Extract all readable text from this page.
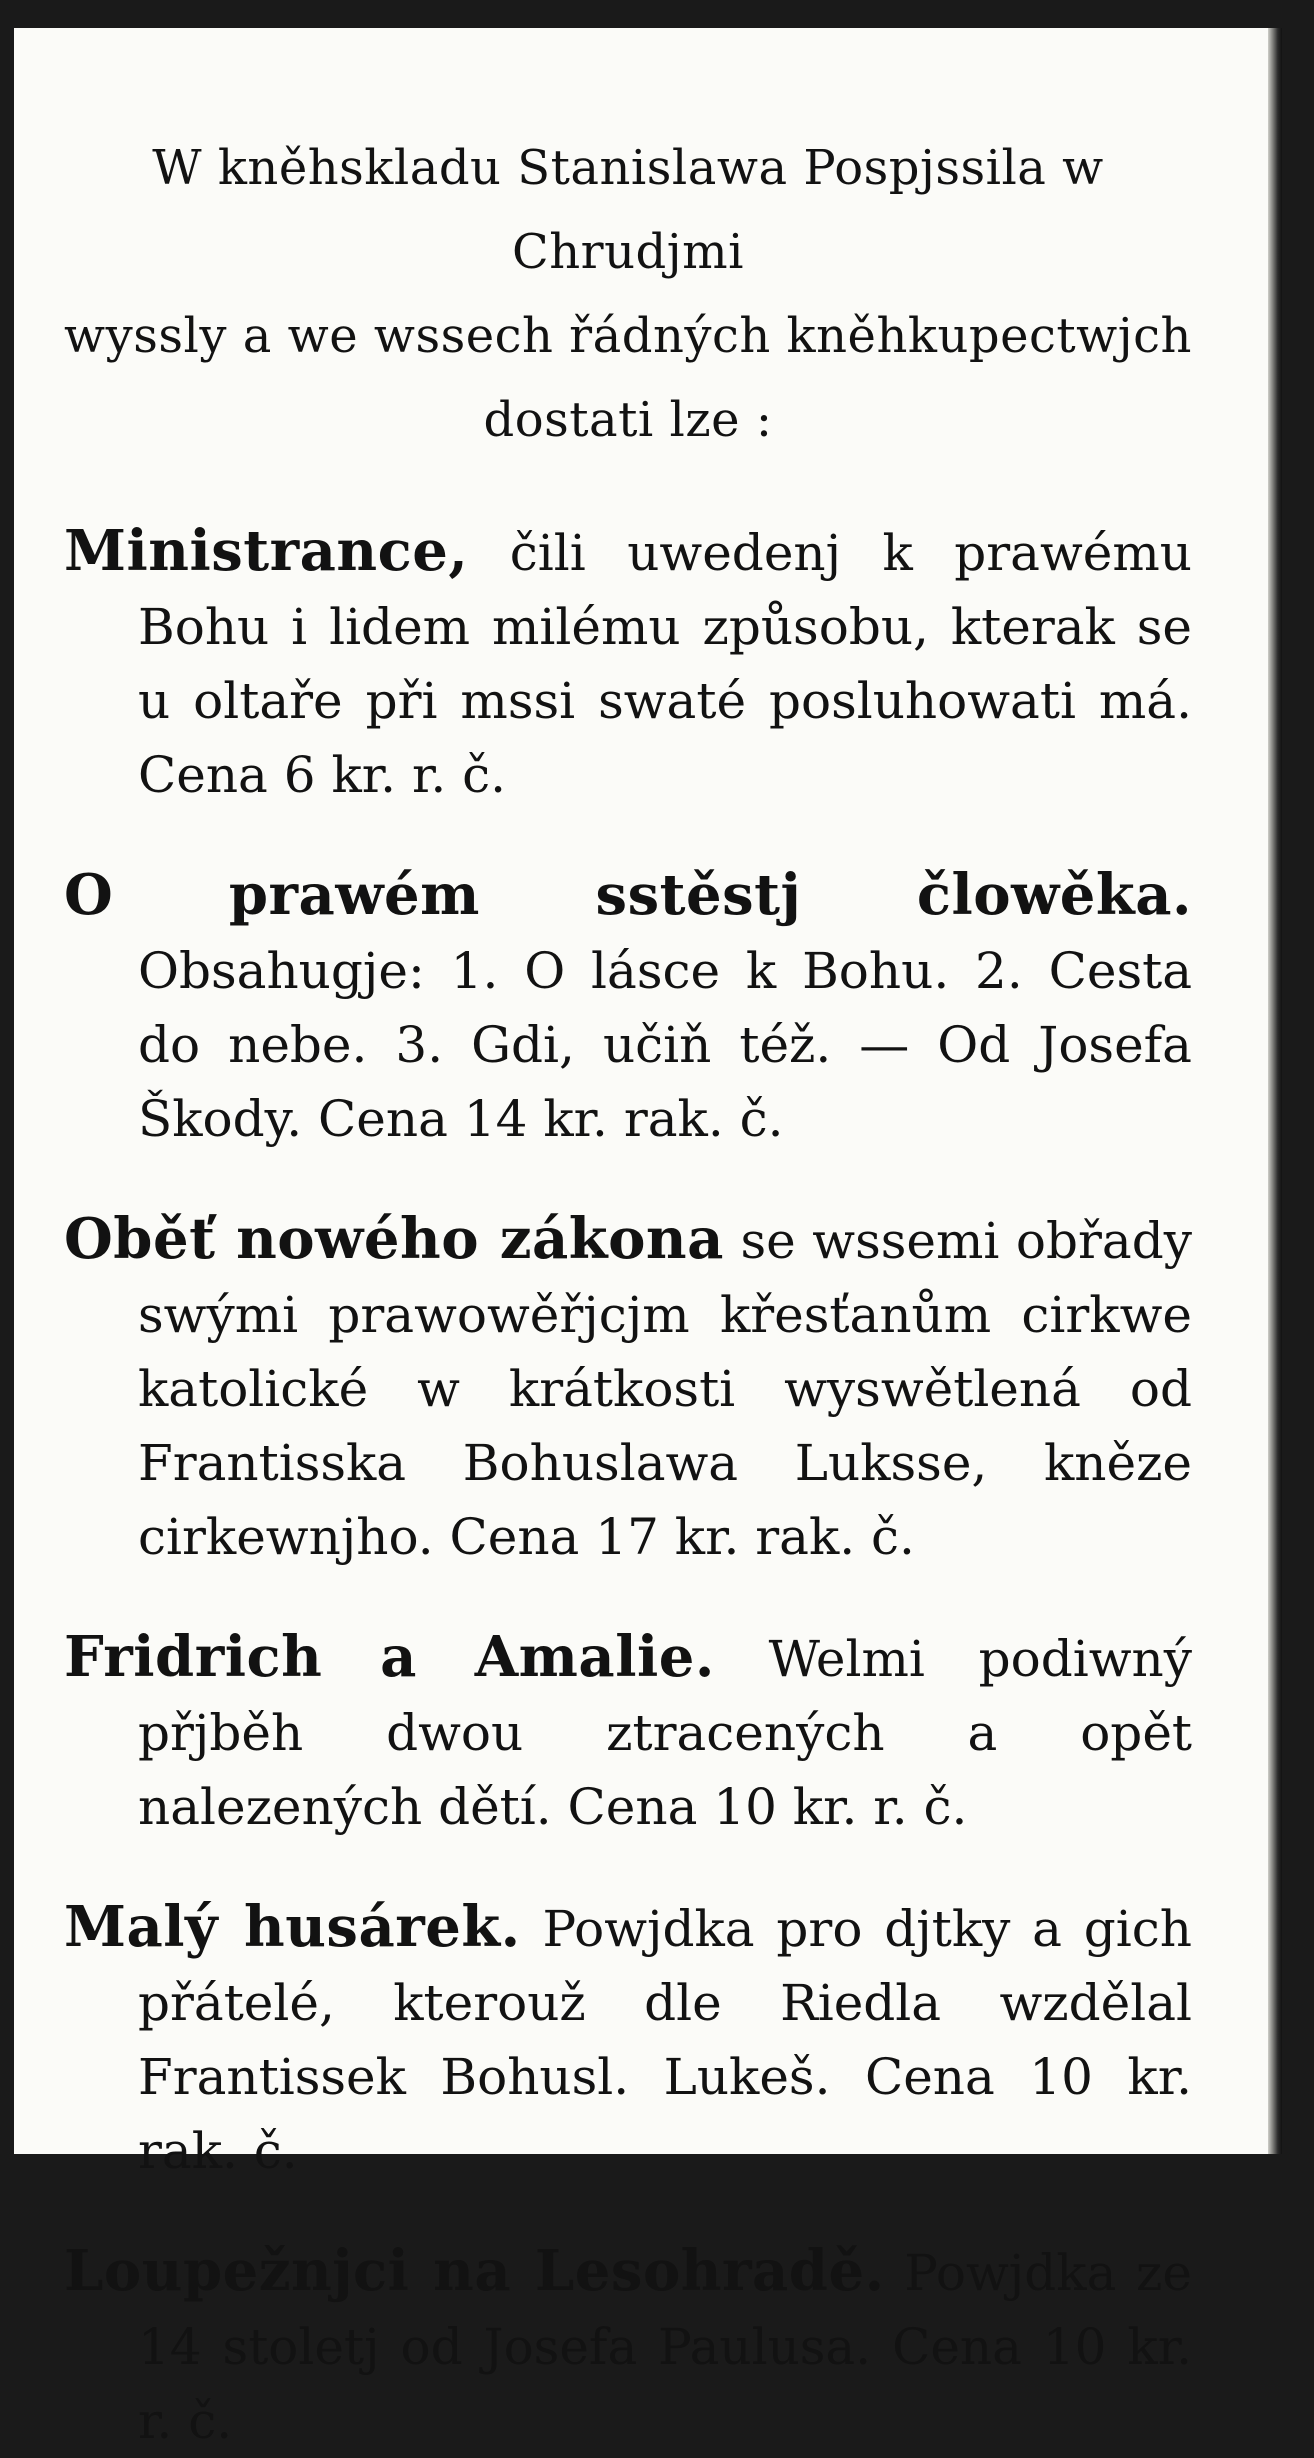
W kněhskladu Stanislawa Pospjssila w Chrudjmi
wyssly a we wssech řádných kněhkupectwjch
dostati lze :
Ministrance, čili uwedenj k prawému Bohu i lidem milému způsobu, kterak se u oltaře při mssi swaté posluhowati má. Cena 6 kr. r. č.
O prawém sstěstj člowěka. Obsahugje: 1. O lásce k Bohu. 2. Cesta do nebe. 3. Gdi, učiň též. — Od Josefa Škody. Cena 14 kr. rak. č.
Oběť nowého zákona se wssemi obřady swými prawowěřjcjm křesťanům cirkwe katolické w krátkosti wyswětlená od Frantisska Bohuslawa Lukssе, kněze cirkewnjho. Cena 17 kr. rak. č.
Fridrich a Amalie. Welmi podiwný přjběh dwou ztracených a opět nalezených dětí. Cena 10 kr. r. č.
Malý husárek. Powjdka pro djtky a gich přátelé, kterouž dle Riedla wzdělal Frantissek Bohusl. Lukeš. Cena 10 kr. rak. č.
Loupežnjci na Lesohradě. Powjdka ze 14 stoletj od Josefa Paulusa. Cena 10 kr. r. č.
